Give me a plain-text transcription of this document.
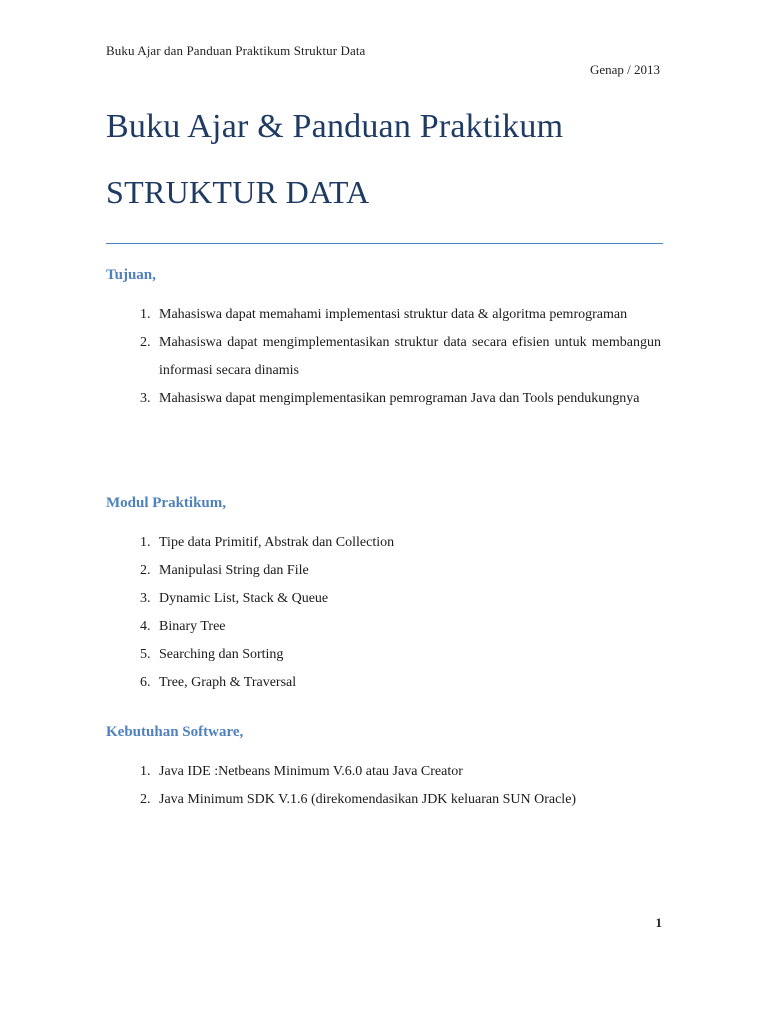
Buku Ajar dan Panduan Praktikum Struktur Data
Genap / 2013
Buku Ajar & Panduan Praktikum
STRUKTUR DATA
Tujuan,
1. Mahasiswa dapat memahami implementasi struktur data & algoritma pemrograman
2. Mahasiswa dapat mengimplementasikan struktur data secara efisien untuk membangun informasi secara dinamis
3. Mahasiswa dapat mengimplementasikan pemrograman Java dan Tools pendukungnya
Modul Praktikum,
1. Tipe data Primitif, Abstrak dan Collection
2. Manipulasi String dan File
3. Dynamic List, Stack & Queue
4. Binary Tree
5. Searching dan Sorting
6. Tree, Graph & Traversal
Kebutuhan Software,
1. Java IDE :Netbeans Minimum V.6.0 atau Java Creator
2. Java Minimum SDK V.1.6 (direkomendasikan JDK keluaran SUN Oracle)
1
